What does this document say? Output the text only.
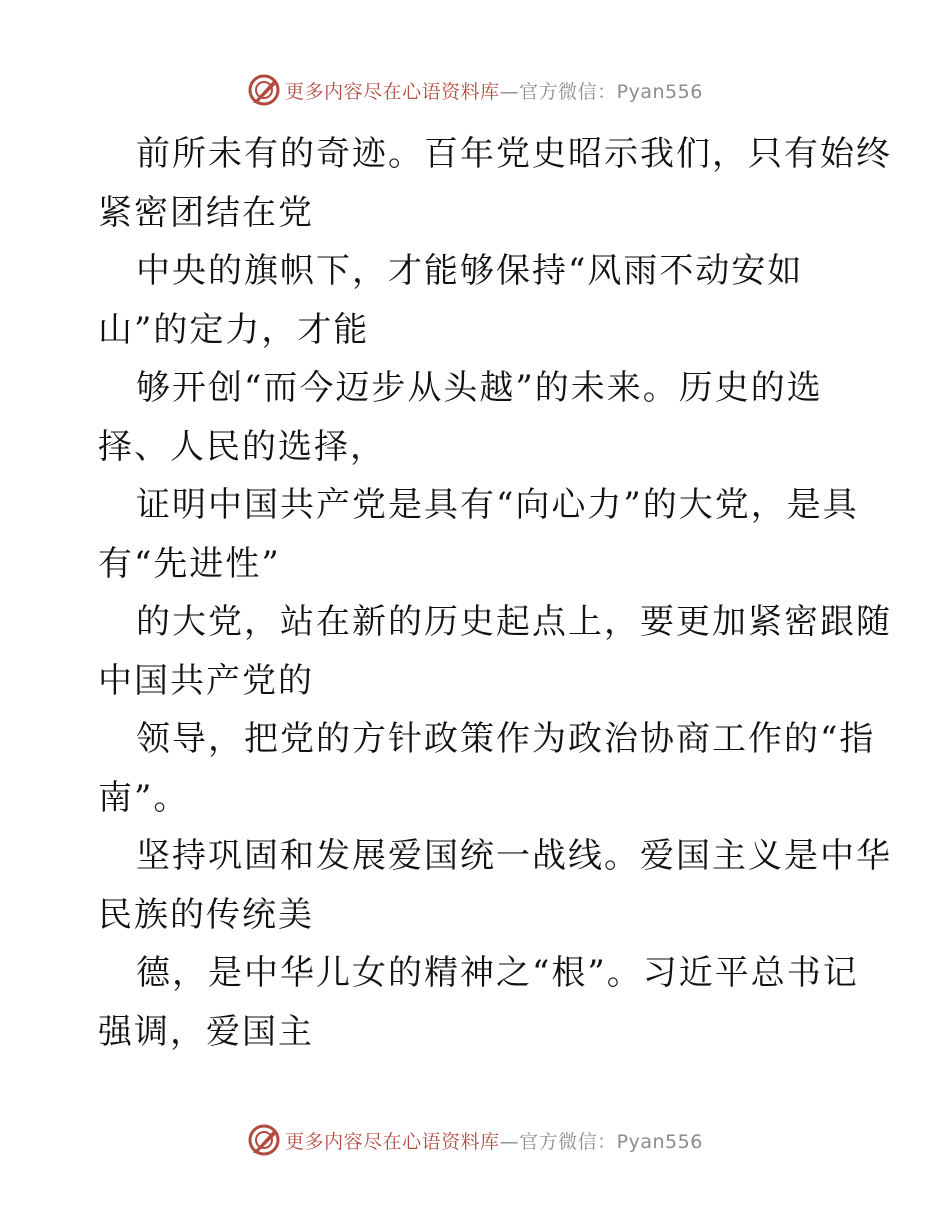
更多内容尽在心语资料库—官方微信：Pyan556
前所未有的奇迹。百年党史昭示我们，只有始终
紧密团结在党
中央的旗帜下，才能够保持“风雨不动安如
山”的定力，才能
够开创“而今迈步从头越”的未来。历史的选
择、人民的选择，
证明中国共产党是具有“向心力”的大党，是具
有“先进性”
的大党，站在新的历史起点上，要更加紧密跟随
中国共产党的
领导，把党的方针政策作为政治协商工作的“指
南”。
坚持巩固和发展爱国统一战线。爱国主义是中华
民族的传统美
德，是中华儿女的精神之“根”。习近平总书记
强调，爱国主
更多内容尽在心语资料库—官方微信：Pyan556
